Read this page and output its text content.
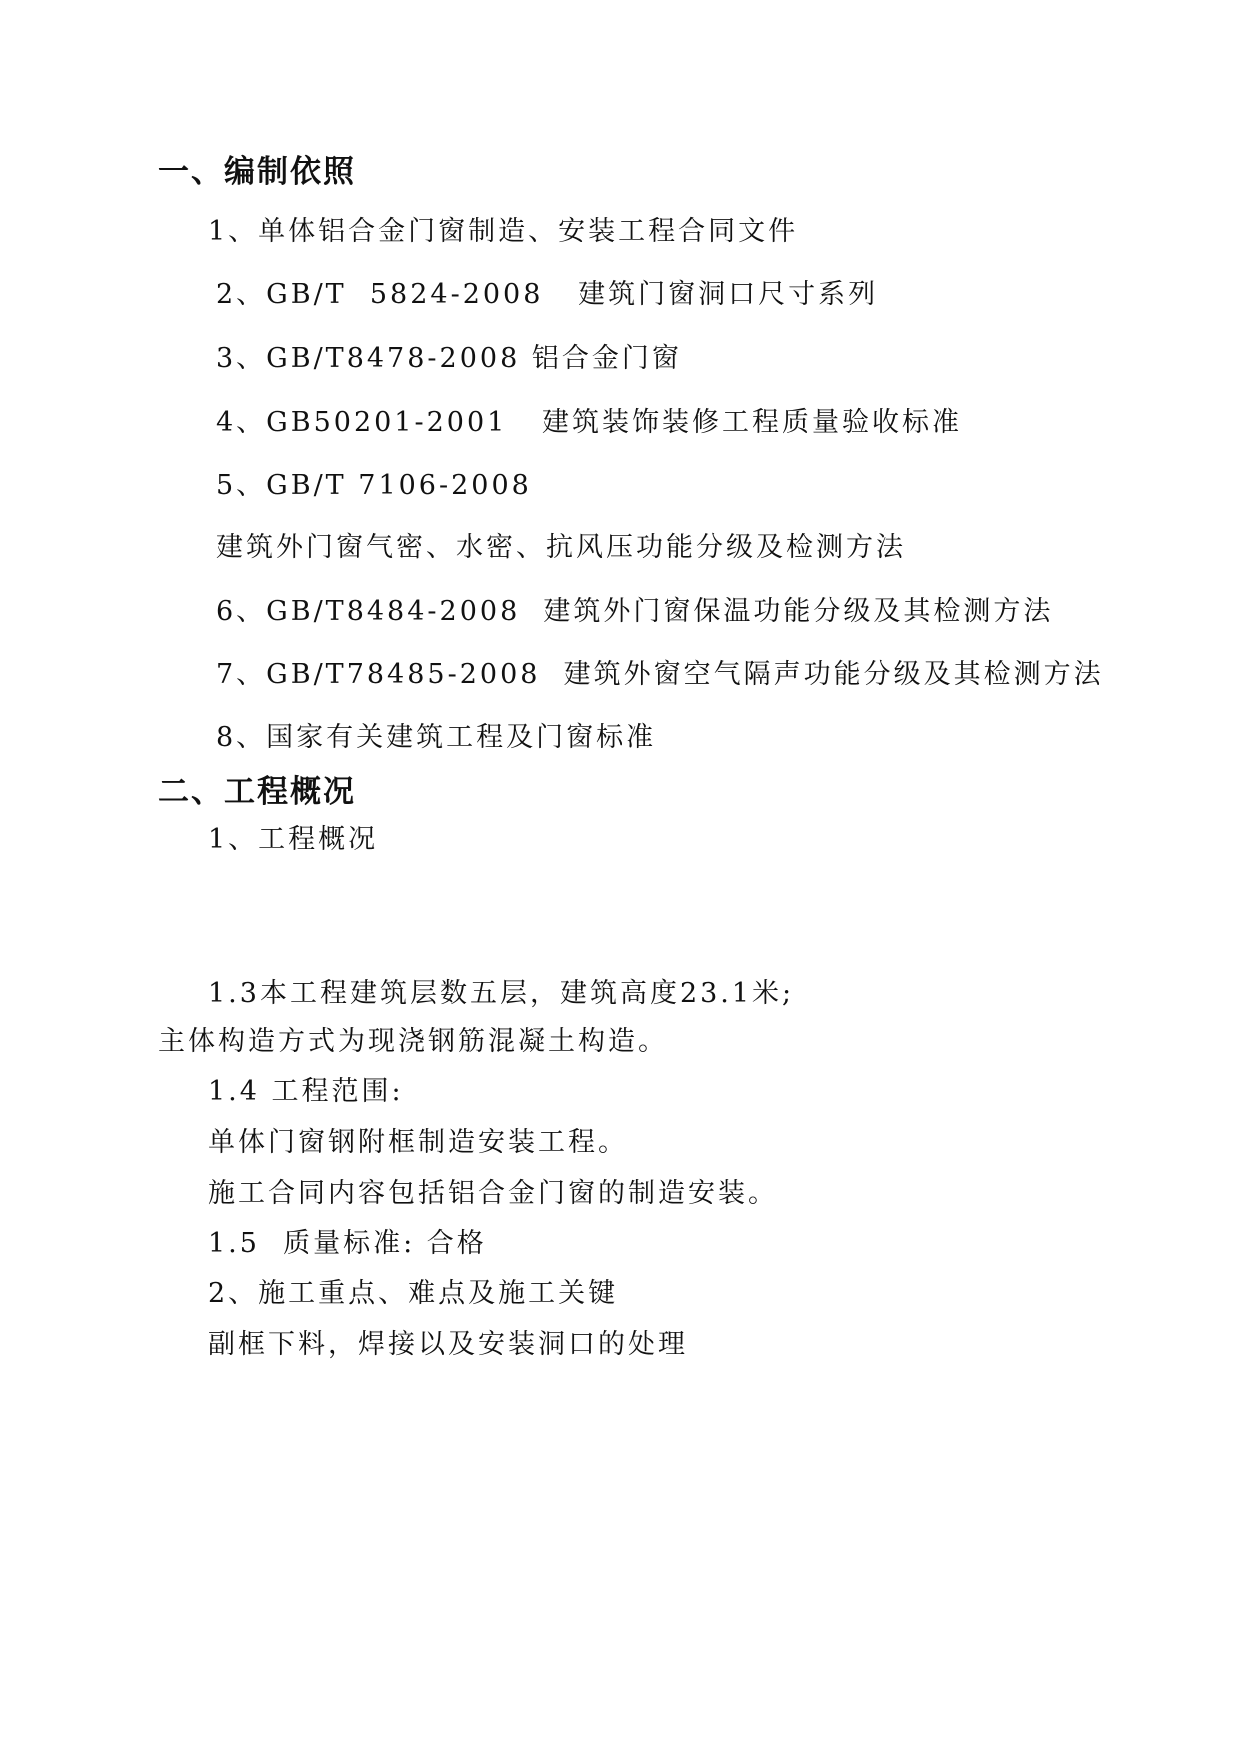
一、编制依照
1、单体铝合金门窗制造、安装工程合同文件
2、GB/T  5824-2008   建筑门窗洞口尺寸系列
3、GB/T8478-2008 铝合金门窗
4、GB50201-2001   建筑装饰装修工程质量验收标准
5、GB/T 7106-2008
建筑外门窗气密、水密、抗风压功能分级及检测方法
6、GB/T8484-2008  建筑外门窗保温功能分级及其检测方法
7、GB/T78485-2008  建筑外窗空气隔声功能分级及其检测方法
8、国家有关建筑工程及门窗标准
二、工程概况
1、工程概况
1.3本工程建筑层数五层，建筑高度23.1米;
主体构造方式为现浇钢筋混凝土构造。
1.4 工程范围:
单体门窗钢附框制造安装工程。
施工合同内容包括铝合金门窗的制造安装。
1.5  质量标准: 合格
2、施工重点、难点及施工关键
副框下料，焊接以及安装洞口的处理
